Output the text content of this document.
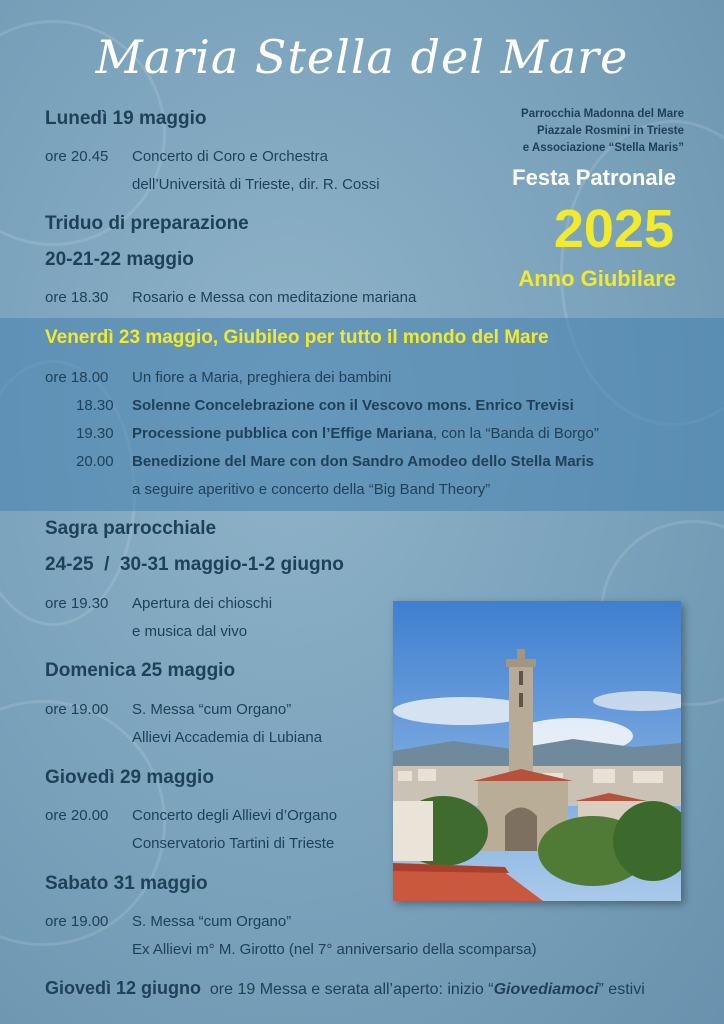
Maria Stella del Mare
Parrocchia Madonna del Mare
Piazzale Rosmini in Trieste
e Associazione “Stella Maris”
Festa Patronale
2025
Anno Giubilare
Lunedì 19 maggio
ore 20.45 Concerto di Coro e Orchestra
dell’Università di Trieste, dir. R. Cossi
Triduo di preparazione
20-21-22 maggio
ore 18.30 Rosario e Messa con meditazione mariana
Venerdì 23 maggio, Giubileo per tutto il mondo del Mare
ore 18.00 Un fiore a Maria, preghiera dei bambini
18.30 Solenne Concelebrazione con il Vescovo mons. Enrico Trevisi
19.30 Processione pubblica con l’Effige Mariana, con la “Banda di Borgo”
20.00 Benedizione del Mare con don Sandro Amodeo dello Stella Maris
a seguire aperitivo e concerto della “Big Band Theory”
Sagra parrocchiale
24-25  /  30-31 maggio-1-2 giugno
ore 19.30 Apertura dei chioschi
e musica dal vivo
Domenica 25 maggio
ore 19.00 S. Messa “cum Organo”
Allievi Accademia di Lubiana
Giovedì 29 maggio
ore 20.00 Concerto degli Allievi d’Organo
Conservatorio Tartini di Trieste
Sabato 31 maggio
ore 19.00 S. Messa “cum Organo”
Ex Allievi m° M. Girotto (nel 7° anniversario della scomparsa)
Giovedì 12 giugno ore 19 Messa e serata all’aperto: inizio “Giovediamoci” estivi
